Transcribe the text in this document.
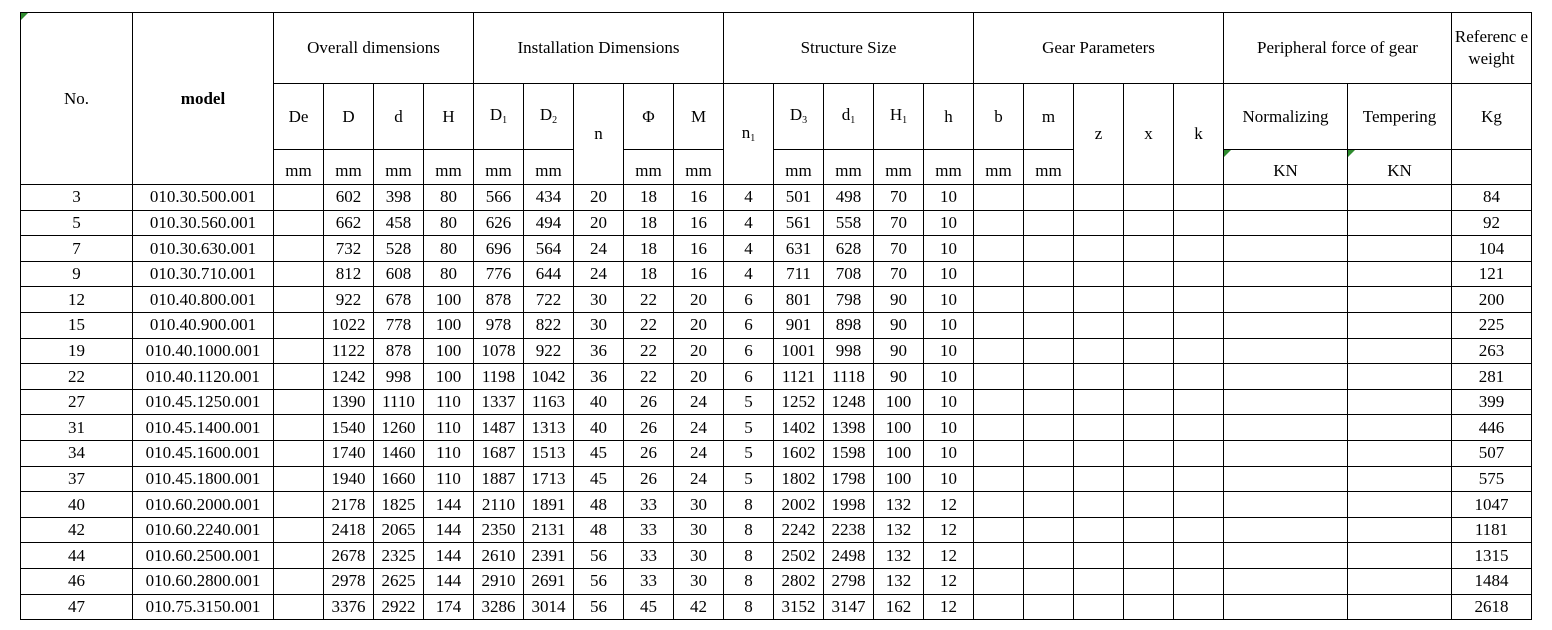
No.	model	Overall dimensions				Installation Dimensions					Structure Size					Gear Parameters					Peripheral force of gear		Referenc e weight
		De	D	d	H	$D_1$	$D_2$	n	Φ	M	$n_1$	$D_3$	$d_1$	$H_1$	h	b	m	z	x	k	Normalizing	Tempering	Kg
		mm	mm	mm	mm	mm	mm		mm	mm		mm	mm	mm	mm	mm	mm				KN	KN	
3	010.30.500.001		602	398	80	566	434	20	18	16	4	501	498	70	10								84
5	010.30.560.001		662	458	80	626	494	20	18	16	4	561	558	70	10								92
7	010.30.630.001		732	528	80	696	564	24	18	16	4	631	628	70	10								104
9	010.30.710.001		812	608	80	776	644	24	18	16	4	711	708	70	10								121
12	010.40.800.001		922	678	100	878	722	30	22	20	6	801	798	90	10								200
15	010.40.900.001		1022	778	100	978	822	30	22	20	6	901	898	90	10								225
19	010.40.1000.001		1122	878	100	1078	922	36	22	20	6	1001	998	90	10								263
22	010.40.1120.001		1242	998	100	1198	1042	36	22	20	6	1121	1118	90	10								281
27	010.45.1250.001		1390	1110	110	1337	1163	40	26	24	5	1252	1248	100	10								399
31	010.45.1400.001		1540	1260	110	1487	1313	40	26	24	5	1402	1398	100	10								446
34	010.45.1600.001		1740	1460	110	1687	1513	45	26	24	5	1602	1598	100	10								507
37	010.45.1800.001		1940	1660	110	1887	1713	45	26	24	5	1802	1798	100	10								575
40	010.60.2000.001		2178	1825	144	2110	1891	48	33	30	8	2002	1998	132	12								1047
42	010.60.2240.001		2418	2065	144	2350	2131	48	33	30	8	2242	2238	132	12								1181
44	010.60.2500.001		2678	2325	144	2610	2391	56	33	30	8	2502	2498	132	12								1315
46	010.60.2800.001		2978	2625	144	2910	2691	56	33	30	8	2802	2798	132	12								1484
47	010.75.3150.001		3376	2922	174	3286	3014	56	45	42	8	3152	3147	162	12								2618
